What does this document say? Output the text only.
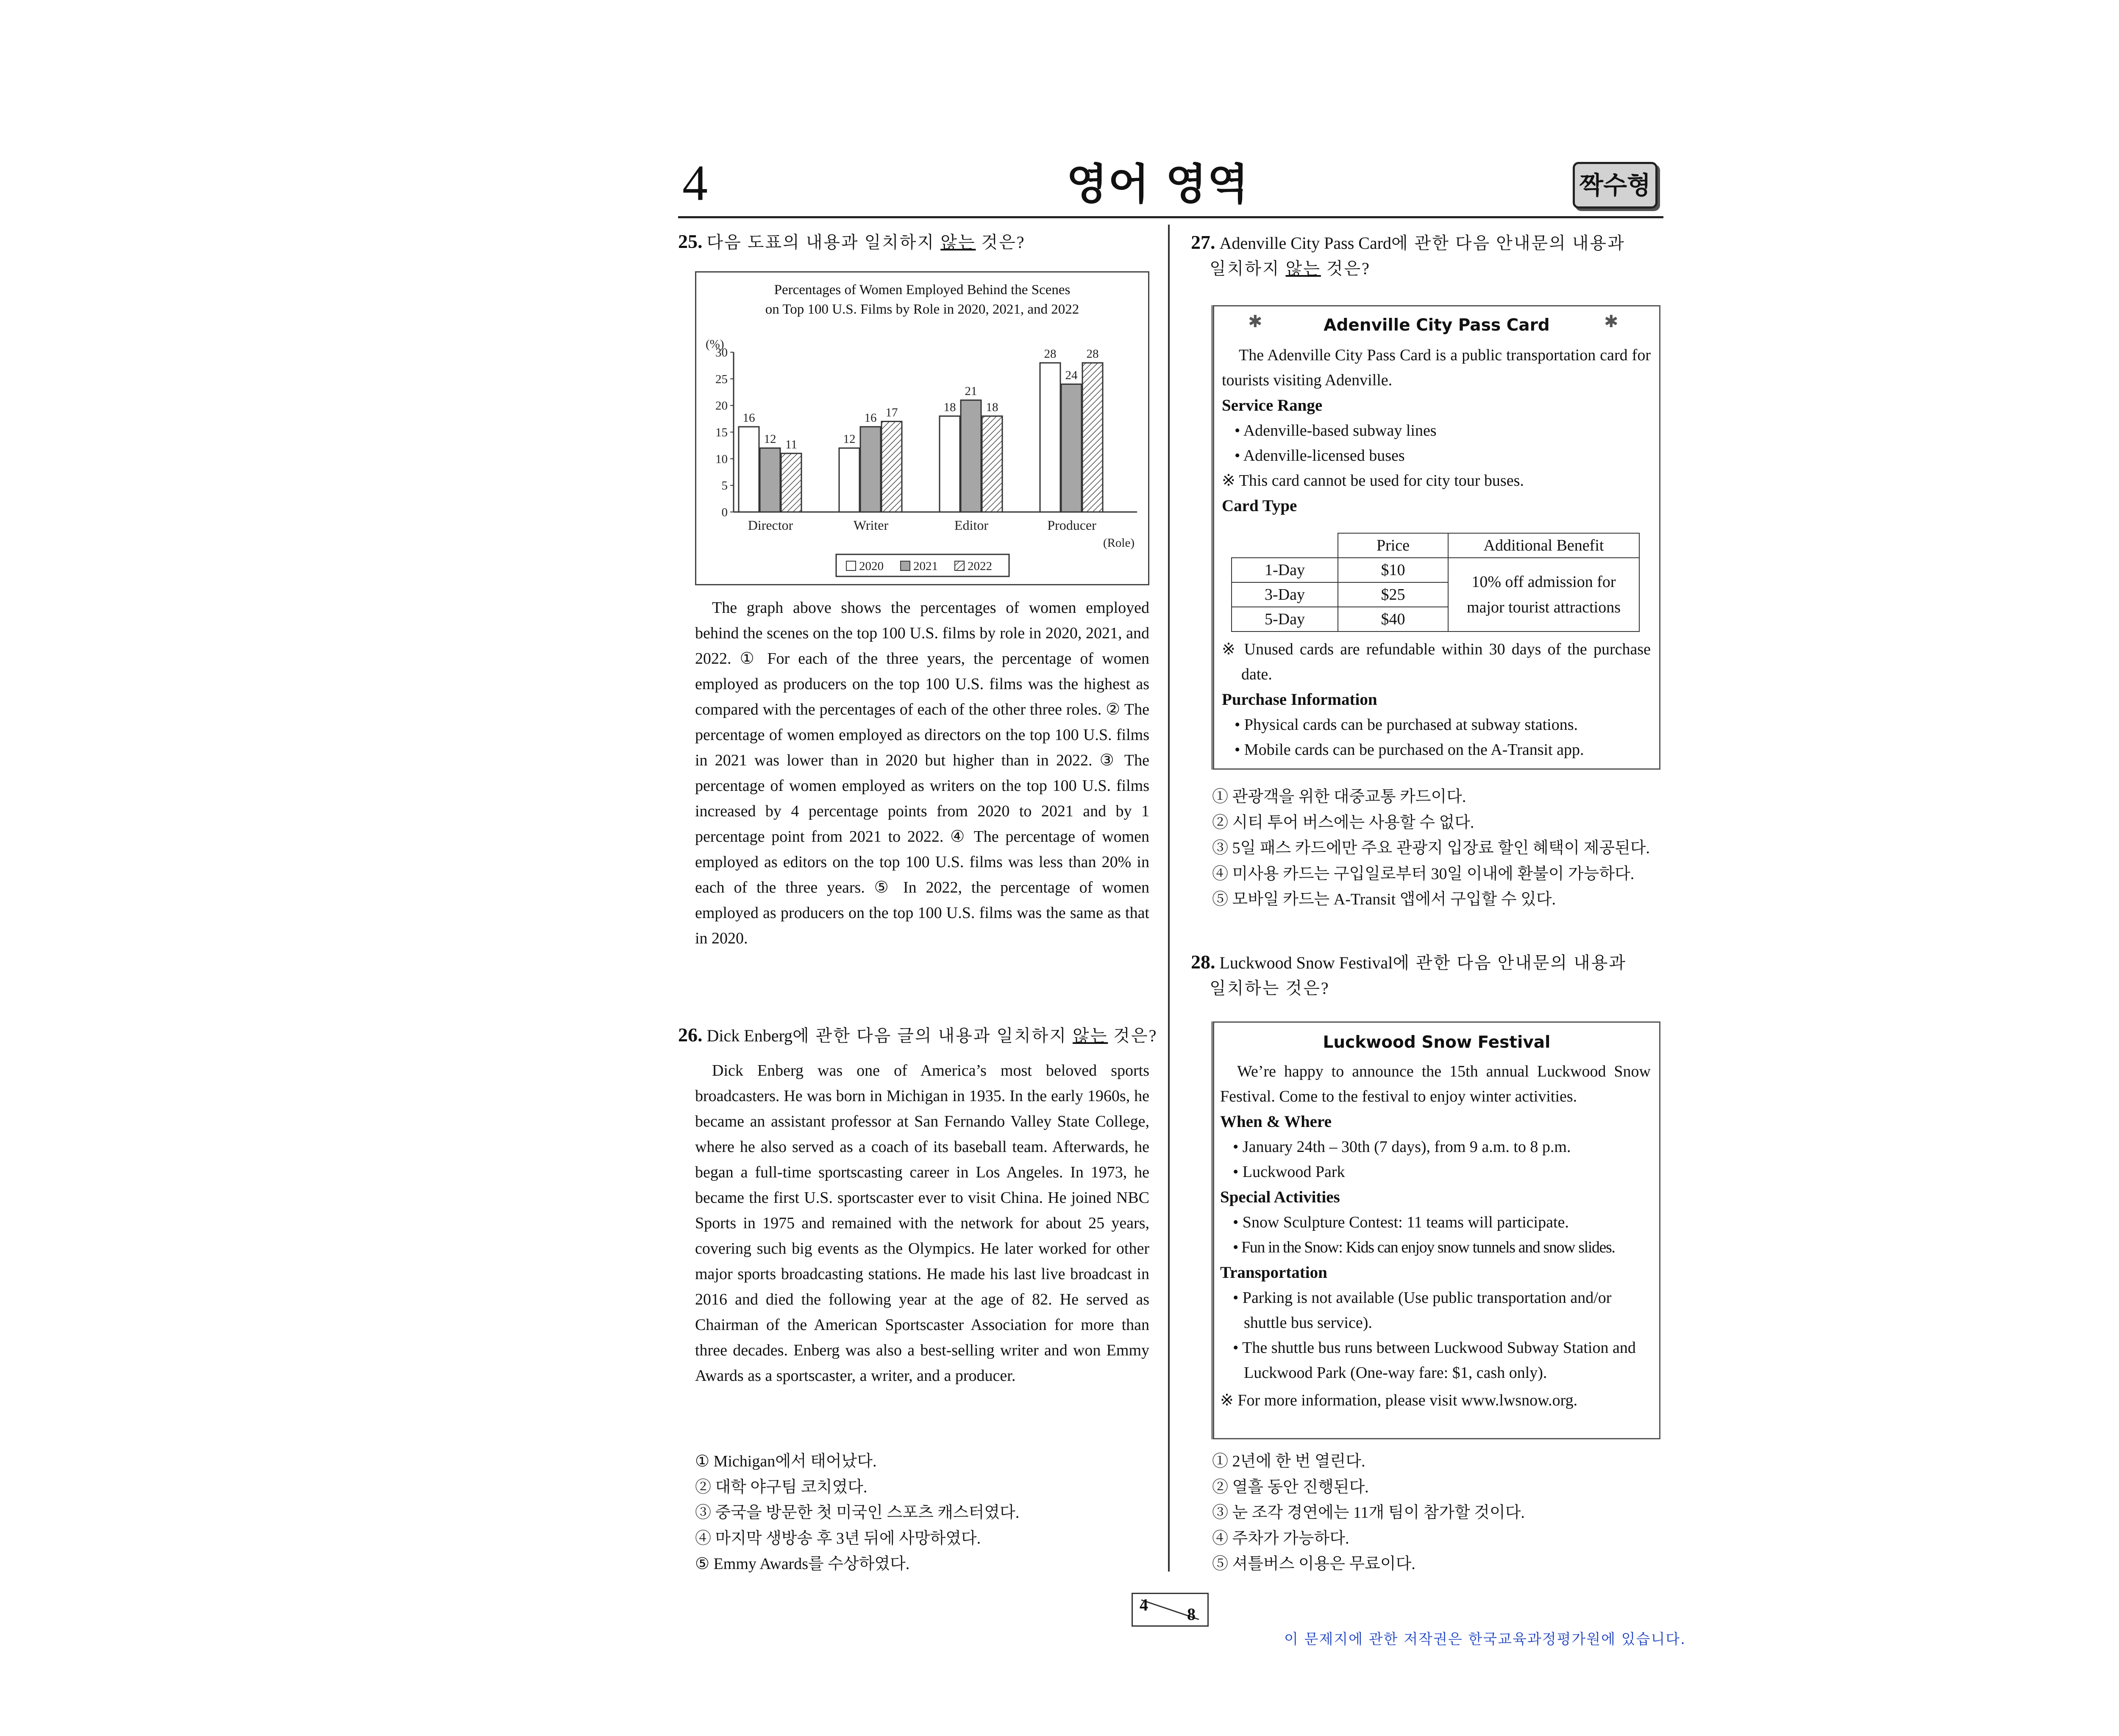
4	영어 영역	짝수형
25. 다음 도표의 내용과 일치하지 않는 것은?
Percentages of Women Employed Behind the Scenes
on Top 100 U.S. Films by Role in 2020, 2021, and 2022
0
5
10
15
20
25
30
(%)
16
12 11
Director
12
16 17
Writer
18
21
18
Editor
28
24
28
Producer
(Role)
2020 2021 2022
The graph above shows the percentages of women employed behind the scenes on the top 100 U.S. films by role in 2020, 2021, and 2022. ① For each of the three years, the percentage of women employed as producers on the top 100 U.S. films was the highest as compared with the percentages of each of the other three roles. ② The percentage of women employed as directors on the top 100 U.S. films in 2021 was lower than in 2020 but higher than in 2022. ③ The percentage of women employed as writers on the top 100 U.S. films increased by 4 percentage points from 2020 to 2021 and by 1 percentage point from 2021 to 2022. ④ The percentage of women employed as editors on the top 100 U.S. films was less than 20% in each of the three years. ⑤ In 2022, the percentage of women employed as producers on the top 100 U.S. films was the same as that in 2020.
26. Dick Enberg에 관한 다음 글의 내용과 일치하지 않는 것은?
Dick Enberg was one of America’s most beloved sports broadcasters. He was born in Michigan in 1935. In the early 1960s, he became an assistant professor at San Fernando Valley State College, where he also served as a coach of its baseball team. Afterwards, he began a full-time sportscasting career in Los Angeles. In 1973, he became the first U.S. sportscaster ever to visit China. He joined NBC Sports in 1975 and remained with the network for about 25 years, covering such big events as the Olympics. He later worked for other major sports broadcasting stations. He made his last live broadcast in 2016 and died the following year at the age of 82. He served as Chairman of the American Sportscaster Association for more than three decades. Enberg was also a best-selling writer and won Emmy Awards as a sportscaster, a writer, and a producer.
① Michigan에서 태어났다.
② 대학 야구팀 코치였다.
③ 중국을 방문한 첫 미국인 스포츠 캐스터였다.
④ 마지막 생방송 후 3년 뒤에 사망하였다.
⑤ Emmy Awards를 수상하였다.
27. Adenville City Pass Card에 관한 다음 안내문의 내용과
일치하지 않는 것은?
✱	✱
Adenville City Pass Card
The Adenville City Pass Card is a public transportation card for tourists visiting Adenville.
Service Range
• Adenville-based subway lines
• Adenville-licensed buses
※ This card cannot be used for city tour buses.
Card Type
	Price	Additional Benefit
1-Day	$10	10% off admission for
major tourist attractions

3-Day	$25	
5-Day	$40	
※ Unused cards are refundable within 30 days of the purchase date.
Purchase Information
• Physical cards can be purchased at subway stations.
• Mobile cards can be purchased on the A-Transit app.
① 관광객을 위한 대중교통 카드이다.
② 시티 투어 버스에는 사용할 수 없다.
③ 5일 패스 카드에만 주요 관광지 입장료 할인 혜택이 제공된다.
④ 미사용 카드는 구입일로부터 30일 이내에 환불이 가능하다.
⑤ 모바일 카드는 A-Transit 앱에서 구입할 수 있다.
28. Luckwood Snow Festival에 관한 다음 안내문의 내용과
일치하는 것은?
Luckwood Snow Festival
We’re happy to announce the 15th annual Luckwood Snow Festival. Come to the festival to enjoy winter activities.
When & Where
• January 24th – 30th (7 days), from 9 a.m. to 8 p.m.
• Luckwood Park
Special Activities
• Snow Sculpture Contest: 11 teams will participate.
• Fun in the Snow: Kids can enjoy snow tunnels and snow slides.
Transportation
• Parking is not available (Use public transportation and/or shuttle bus service).
• The shuttle bus runs between Luckwood Subway Station and Luckwood Park (One-way fare: $1, cash only).
※ For more information, please visit www.lwsnow.org.
① 2년에 한 번 열린다.
② 열흘 동안 진행된다.
③ 눈 조각 경연에는 11개 팀이 참가할 것이다.
④ 주차가 가능하다.
⑤ 셔틀버스 이용은 무료이다.
4 8
이 문제지에 관한 저작권은 한국교육과정평가원에 있습니다.
